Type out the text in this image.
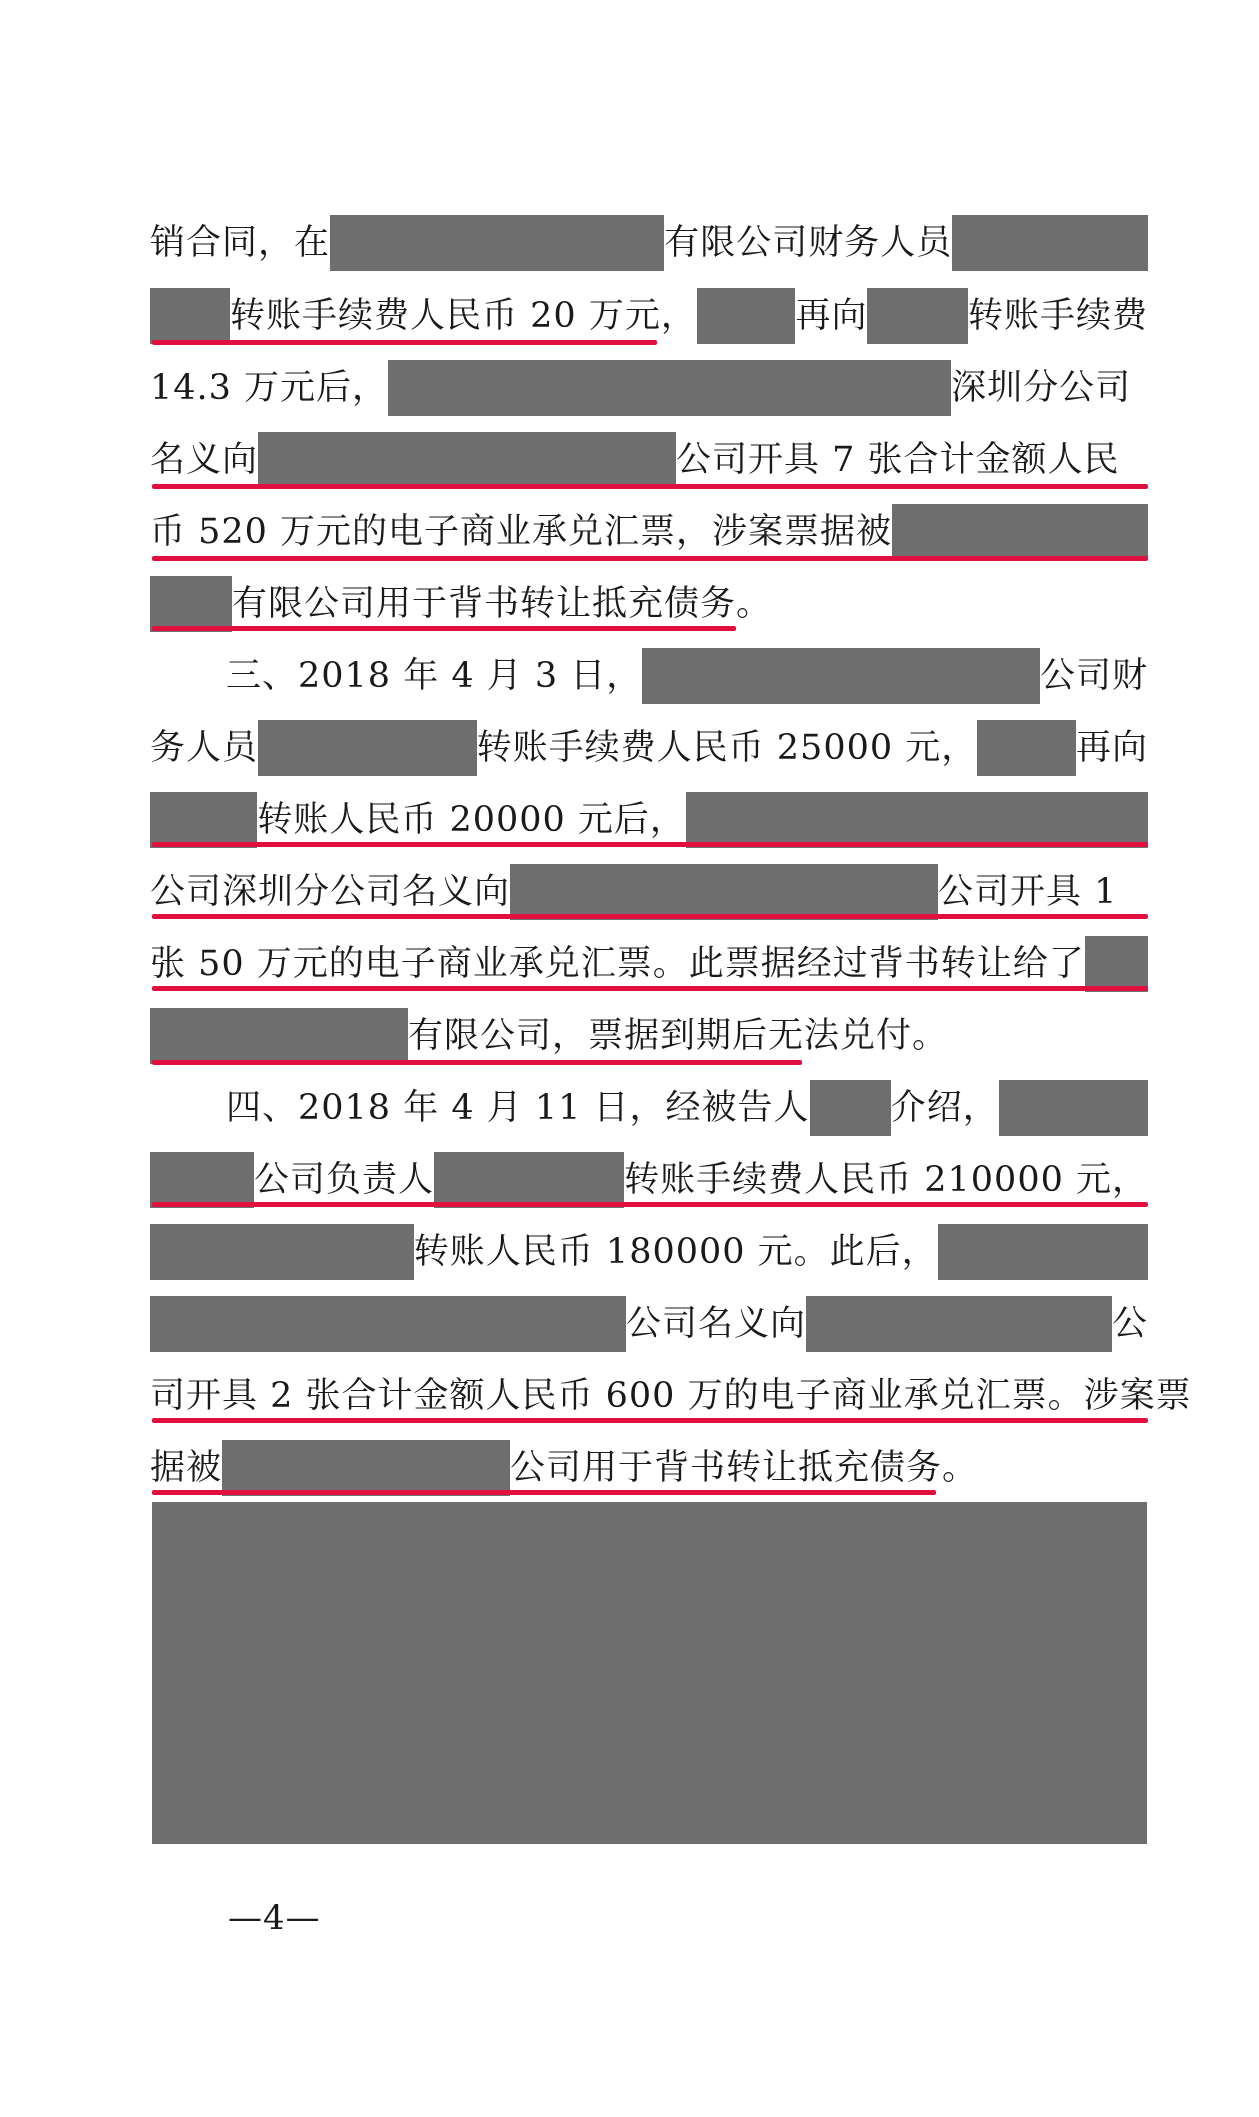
销合同，在	有限公司财务人员
转账手续费人民币 20 万元，	再向	转账手续费
14.3 万元后，	深圳分公司
名义向	公司开具 7 张合计金额人民
币 520 万元的电子商业承兑汇票，涉案票据被
有限公司用于背书转让抵充债务。
三、2018 年 4 月 3 日，	公司财
务人员	转账手续费人民币 25000 元，	再向
转账人民币 20000 元后，
公司深圳分公司名义向	公司开具 1
张 50 万元的电子商业承兑汇票。此票据经过背书转让给了
有限公司，票据到期后无法兑付。
四、2018 年 4 月 11 日，经被告人 介绍，
公司负责人	转账手续费人民币 210000 元，
转账人民币 180000 元。此后，
公司名义向	公
司开具 2 张合计金额人民币 600 万的电子商业承兑汇票。涉案票
据被	公司用于背书转让抵充债务。
—4—
